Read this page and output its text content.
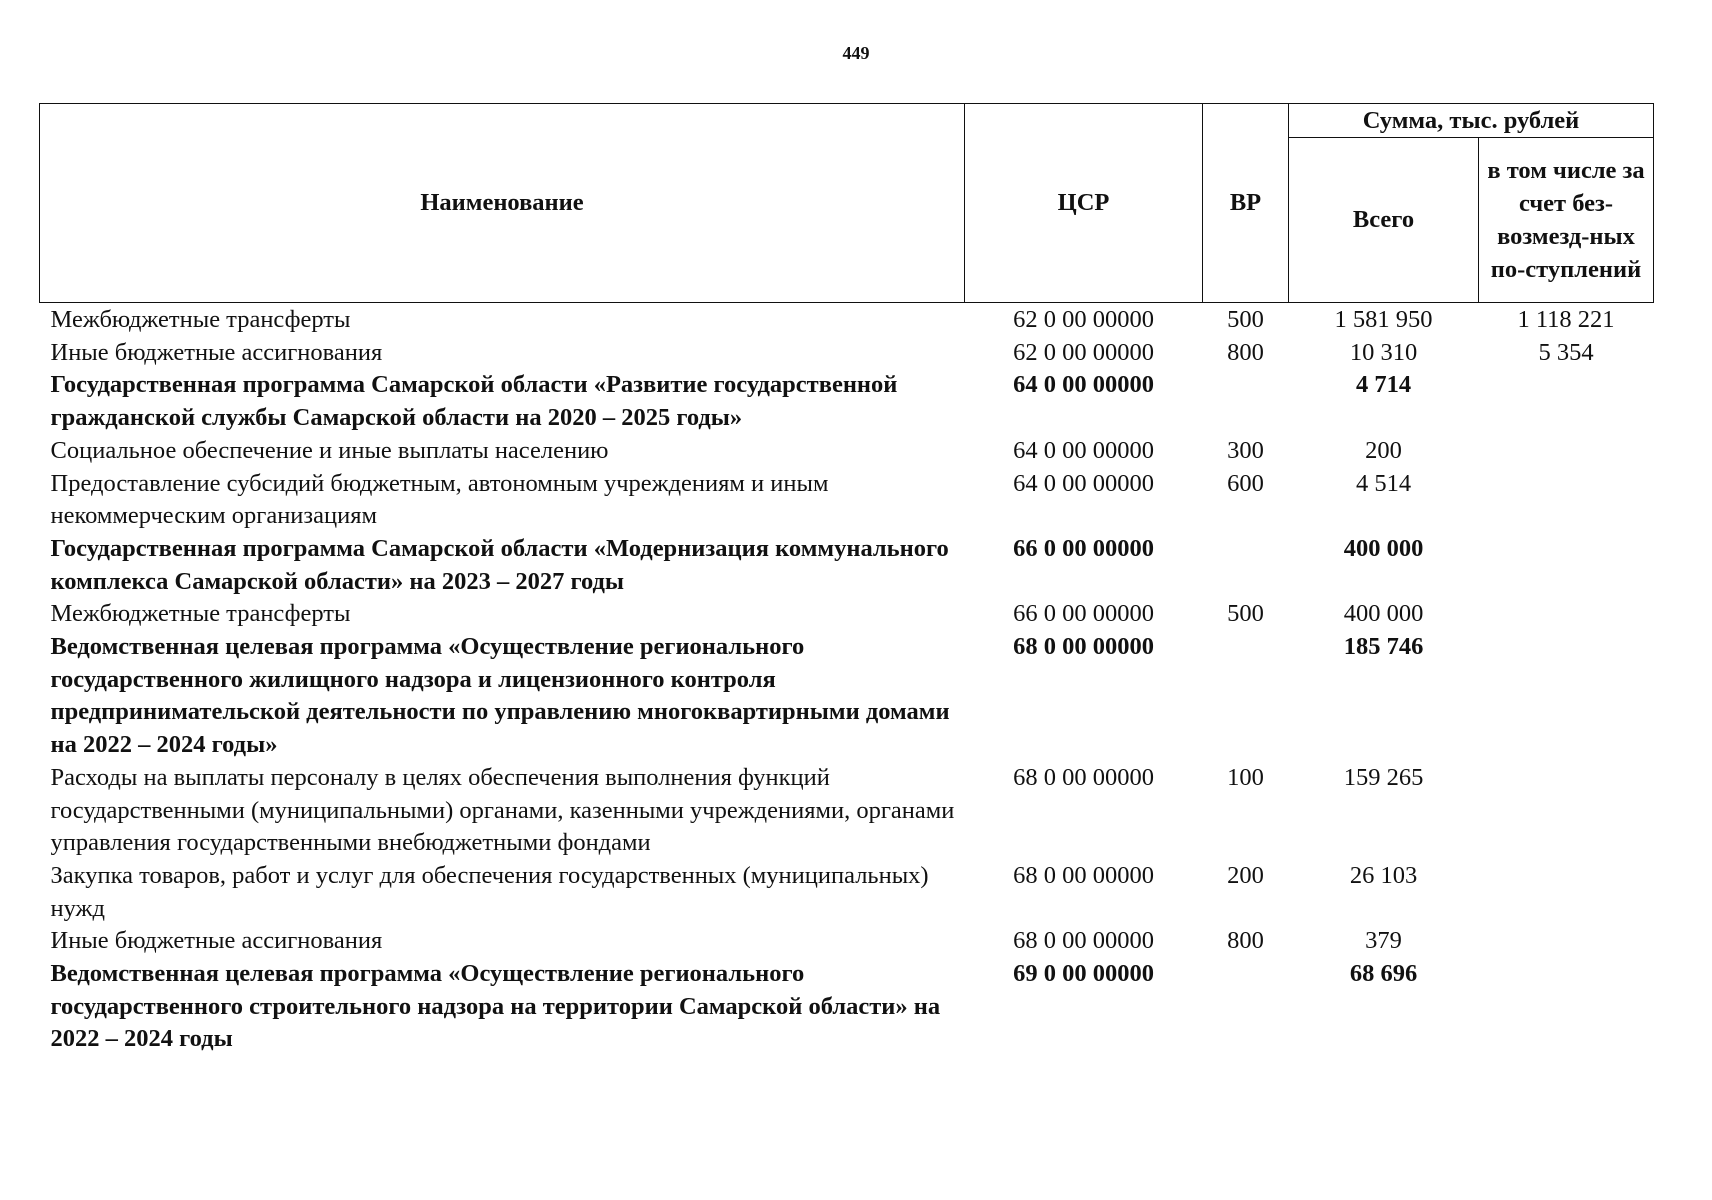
449
Наименование	ЦСР	ВР	Сумма, тыс. рублей	
			Всего	в том числе за счет без-возмезд-ных по-ступлений
Межбюджетные трансферты	62 0 00 00000	500	1 581 950	1 118 221
Иные бюджетные ассигнования	62 0 00 00000	800	10 310	5 354
Государственная программа Самарской области «Развитие государственной гражданской службы Самарской области на 2020 – 2025 годы»	64 0 00 00000		4 714	
Социальное обеспечение и иные выплаты населению	64 0 00 00000	300	200	
Предоставление субсидий бюджетным, автономным учреждениям и иным некоммерческим организациям	64 0 00 00000	600	4 514	
Государственная программа Самарской области «Модернизация коммунального комплекса Самарской области» на 2023 – 2027 годы	66 0 00 00000		400 000	
Межбюджетные трансферты	66 0 00 00000	500	400 000	
Ведомственная целевая программа «Осуществление регионального государственного жилищного надзора и лицензионного контроля предпринимательской деятельности по управлению многоквартирными домами на 2022 – 2024 годы»	68 0 00 00000		185 746	
Расходы на выплаты персоналу в целях обеспечения выполнения функций государственными (муниципальными) органами, казенными учреждениями, органами управления государственными внебюджетными фондами	68 0 00 00000	100	159 265	
Закупка товаров, работ и услуг для обеспечения государственных (муниципальных) нужд	68 0 00 00000	200	26 103	
Иные бюджетные ассигнования	68 0 00 00000	800	379	
Ведомственная целевая программа «Осуществление регионального государственного строительного надзора на территории Самарской области» на 2022 – 2024 годы	69 0 00 00000		68 696	
